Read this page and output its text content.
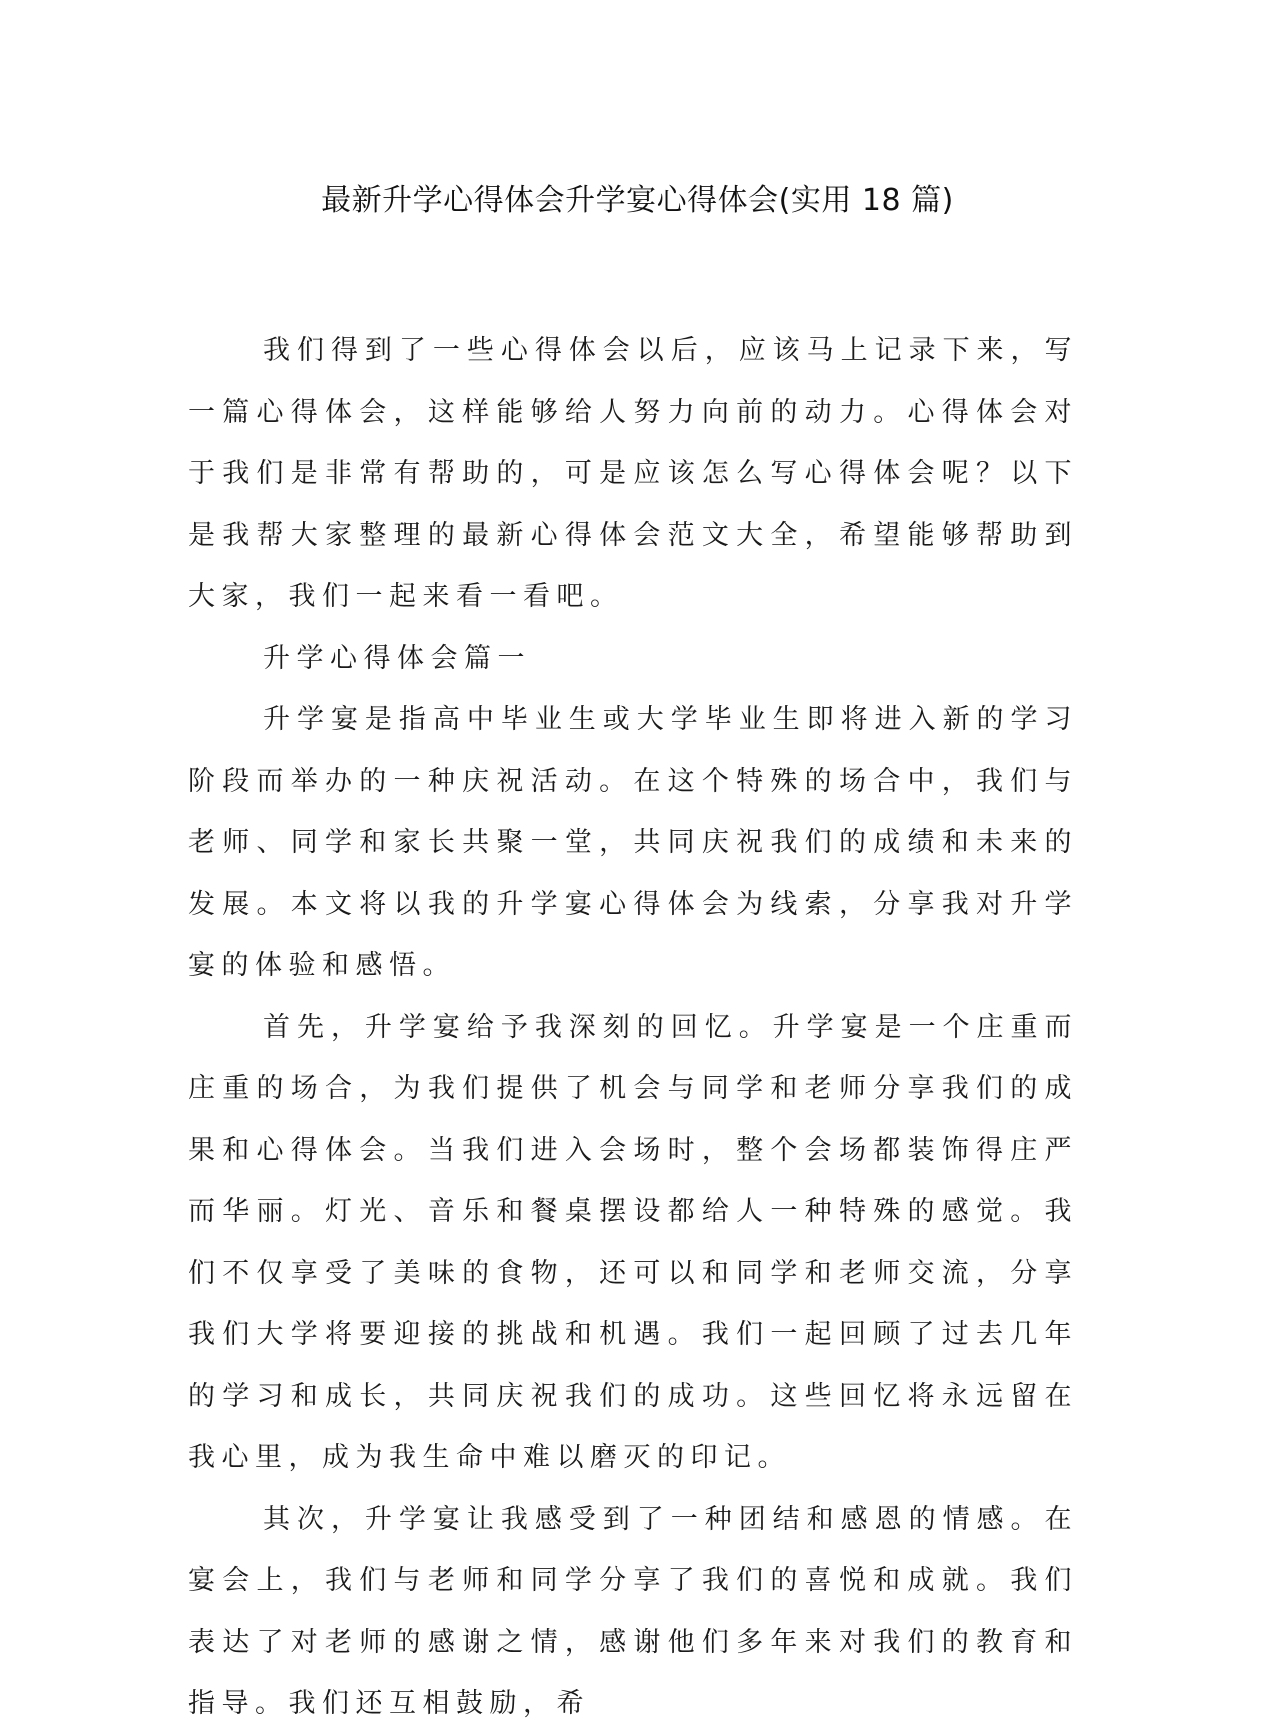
最新升学心得体会升学宴心得体会(实用 18 篇)

我们得到了一些心得体会以后，应该马上记录下来，写一篇心得体会，这样能够给人努力向前的动力。心得体会对于我们是非常有帮助的，可是应该怎么写心得体会呢？以下是我帮大家整理的最新心得体会范文大全，希望能够帮助到大家，我们一起来看一看吧。

升学心得体会篇一

升学宴是指高中毕业生或大学毕业生即将进入新的学习阶段而举办的一种庆祝活动。在这个特殊的场合中，我们与老师、同学和家长共聚一堂，共同庆祝我们的成绩和未来的发展。本文将以我的升学宴心得体会为线索，分享我对升学宴的体验和感悟。

首先，升学宴给予我深刻的回忆。升学宴是一个庄重而庄重的场合，为我们提供了机会与同学和老师分享我们的成果和心得体会。当我们进入会场时，整个会场都装饰得庄严而华丽。灯光、音乐和餐桌摆设都给人一种特殊的感觉。我们不仅享受了美味的食物，还可以和同学和老师交流，分享我们大学将要迎接的挑战和机遇。我们一起回顾了过去几年的学习和成长，共同庆祝我们的成功。这些回忆将永远留在我心里，成为我生命中难以磨灭的印记。

其次，升学宴让我感受到了一种团结和感恩的情感。在宴会上，我们与老师和同学分享了我们的喜悦和成就。我们表达了对老师的感谢之情，感谢他们多年来对我们的教育和指导。我们还互相鼓励，希
